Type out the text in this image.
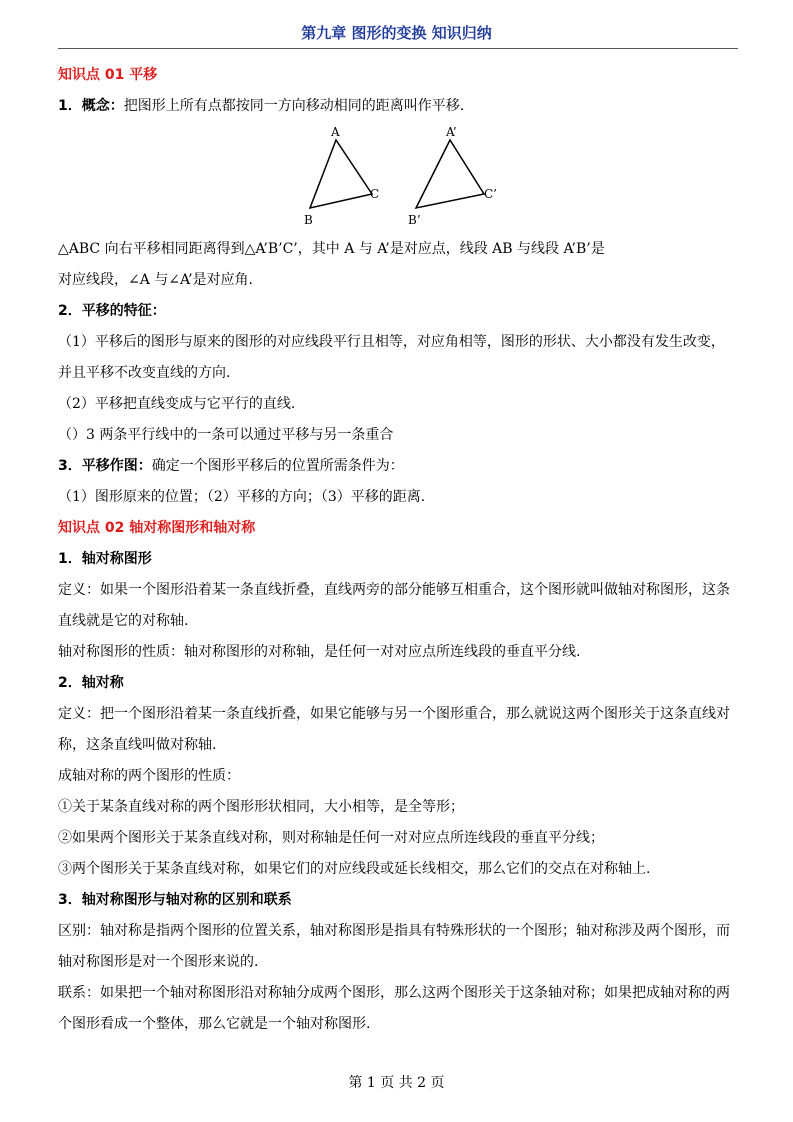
第九章 图形的变换 知识归纳
知识点 01 平移

1．概念：把图形上所有点都按同一方向移动相同的距离叫作平移.

A
B
C
A’
B’
C’

△ABC 向右平移相同距离得到△A’B’C’，其中 A 与 A’是对应点，线段 AB 与线段 A’B’是

对应线段，∠A 与∠A’是对应角.

2．平移的特征：

（1）平移后的图形与原来的图形的对应线段平行且相等，对应角相等，图形的形状、大小都没有发生改变，并且平移不改变直线的方向.

（2）平移把直线变成与它平行的直线.

（）3 两条平行线中的一条可以通过平移与另一条重合

3．平移作图：确定一个图形平移后的位置所需条件为：

（1）图形原来的位置；（2）平移的方向；（3）平移的距离.

知识点 02 轴对称图形和轴对称

1．轴对称图形

定义：如果一个图形沿着某一条直线折叠，直线两旁的部分能够互相重合，这个图形就叫做轴对称图形，这条直线就是它的对称轴.

轴对称图形的性质：轴对称图形的对称轴，是任何一对对应点所连线段的垂直平分线.

2．轴对称

定义：把一个图形沿着某一条直线折叠，如果它能够与另一个图形重合，那么就说这两个图形关于这条直线对称，这条直线叫做对称轴.

成轴对称的两个图形的性质：

①关于某条直线对称的两个图形形状相同，大小相等，是全等形；

②如果两个图形关于某条直线对称，则对称轴是任何一对对应点所连线段的垂直平分线；

③两个图形关于某条直线对称，如果它们的对应线段或延长线相交，那么它们的交点在对称轴上.

3．轴对称图形与轴对称的区别和联系

区别：轴对称是指两个图形的位置关系，轴对称图形是指具有特殊形状的一个图形；轴对称涉及两个图形，而轴对称图形是对一个图形来说的.

联系：如果把一个轴对称图形沿对称轴分成两个图形，那么这两个图形关于这条轴对称；如果把成轴对称的两个图形看成一个整体，那么它就是一个轴对称图形.

第 1 页 共 2 页
